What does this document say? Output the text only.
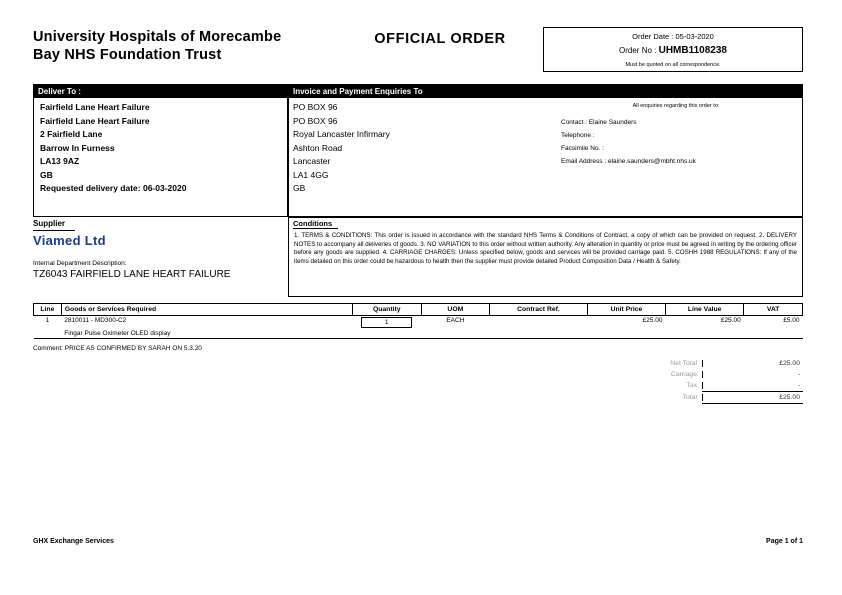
University Hospitals of Morecambe Bay NHS Foundation Trust
OFFICIAL ORDER	Order Date : 05-03-2020
Order No : UHMB1108238
Must be quoted on all correspondence.
Deliver To :
Fairfield Lane Heart Failure
Fairfield Lane Heart Failure
2 Fairfield Lane
Barrow In Furness
LA13 9AZ
GB
Requested delivery date: 06-03-2020
Invoice and Payment Enquiries To
PO BOX 96
PO BOX 96
Royal Lancaster Infirmary
Ashton Road
Lancaster
LA1 4GG
GB
All enquiries regarding this order to:
Contact : Elaine Saunders
Telephone :
Facsimile No. :
Email Address : elaine.saunders@mbht.nhs.uk
Supplier
Viamed Ltd
Internal Department Description:
TZ6043 FAIRFIELD LANE HEART FAILURE
Conditions
1. TERMS & CONDITIONS: This order is issued in accordance with the standard NHS Terms & Conditions of Contract, a copy of which can be provided on request. 2. DELIVERY NOTES to accompany all deliveries of goods. 3. NO VARIATION to this order without written authority. Any alteration in quantity or price must be agreed in writing by the ordering officer before any goods are supplied. 4. CARRIAGE CHARGES: Unless specified below, goods and services will be provided carriage paid. 5. COSHH 1988 REGULATIONS: If any of the items detailed on this order could be hazardous to health then the supplier must provide detailed Product Composition Data / Health & Safety.
Line	Goods or Services Required	Quantity	UOM	Contract Ref.	Unit Price	Line Value	VAT
1	2810011 - MD300-C2	1	EACH		£25.00	£25.00	£5.00
	Fingar Pulse Oximeter OLED display						
Comment: PRICE AS CONFIRMED BY SARAH ON 5.3.20
Net Total	£25.00
Carriage	-
Tax	-
Total	£25.00
GHX Exchange Services	Page 1 of 1
